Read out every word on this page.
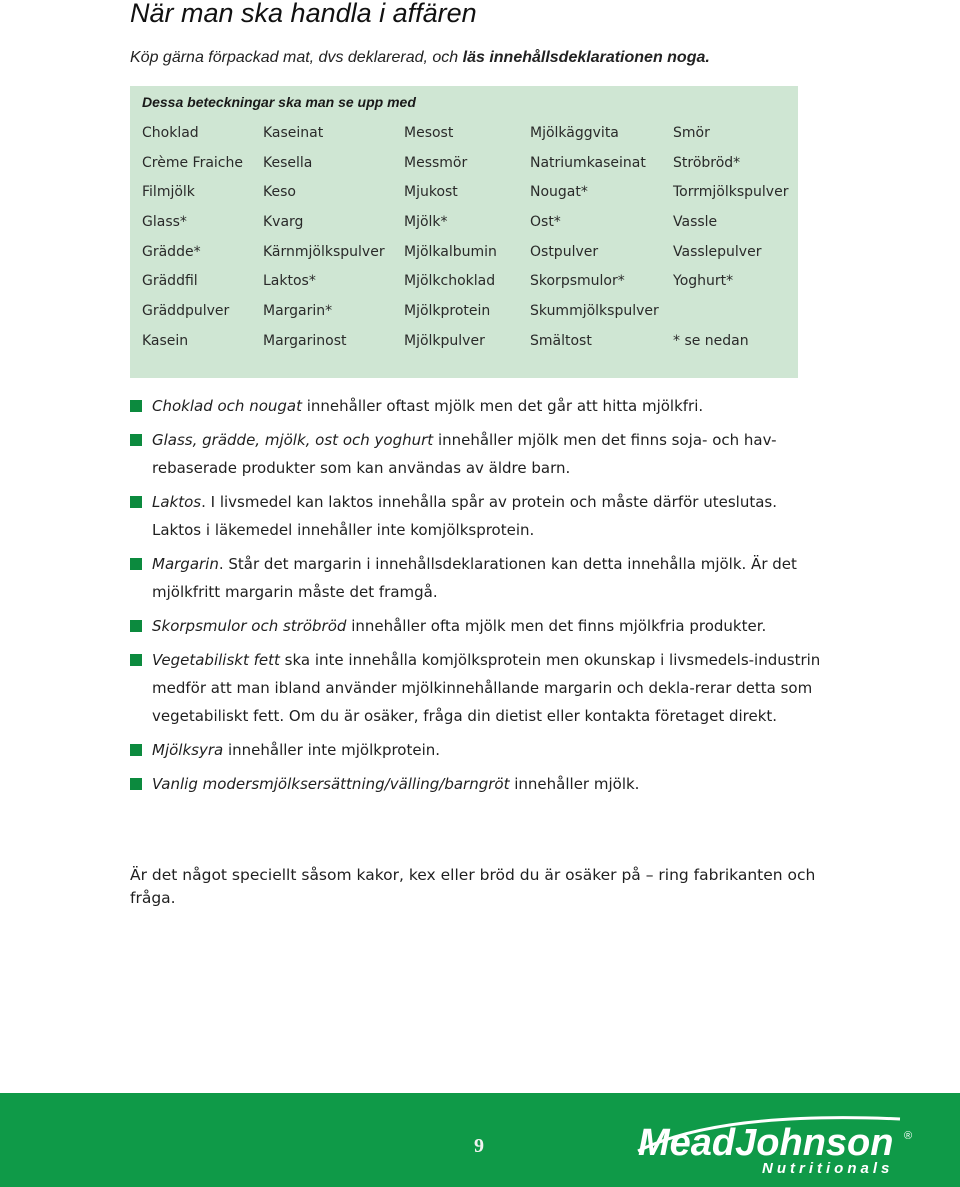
När man ska handla i affären

Köp gärna förpackad mat, dvs deklarerad, och läs innehållsdeklarationen noga.

Dessa beteckningar ska man se upp med

Choklad	Kaseinat	Mesost	Mjölkäggvita	Smör
Crème Fraiche	Kesella	Messmör	Natriumkaseinat	Ströbröd*
Filmjölk	Keso	Mjukost	Nougat*	Torrmjölkspulver
Glass*	Kvarg	Mjölk*	Ost*	Vassle
Grädde*	Kärnmjölkspulver	Mjölkalbumin	Ostpulver	Vasslepulver
Gräddfil	Laktos*	Mjölkchoklad	Skorpsmulor*	Yoghurt*
Gräddpulver	Margarin*	Mjölkprotein	Skummjölkspulver
Kasein	Margarinost	Mjölkpulver	Smältost	* se nedan
Choklad och nougat innehåller oftast mjölk men det går att hitta mjölkfri.
Glass, grädde, mjölk, ost och yoghurt innehåller mjölk men det finns soja- och hav-rebaserade produkter som kan användas av äldre barn.
Laktos. I livsmedel kan laktos innehålla spår av protein och måste därför uteslutas. Laktos i läkemedel innehåller inte komjölksprotein.
Margarin. Står det margarin i innehållsdeklarationen kan detta innehålla mjölk. Är det mjölkfritt margarin måste det framgå.
Skorpsmulor och ströbröd innehåller ofta mjölk men det finns mjölkfria produkter.
Vegetabiliskt fett ska inte innehålla komjölksprotein men okunskap i livsmedels-industrin medför att man ibland använder mjölkinnehållande margarin och dekla-rerar detta som vegetabiliskt fett. Om du är osäker, fråga din dietist eller kontakta företaget direkt.
Mjölksyra innehåller inte mjölkprotein.
Vanlig modersmjölksersättning/välling/barngröt innehåller mjölk.

Är det något speciellt såsom kakor, kex eller bröd du är osäker på – ring fabrikanten och fråga.

9	MeadJohnson ®
Nutritionals
